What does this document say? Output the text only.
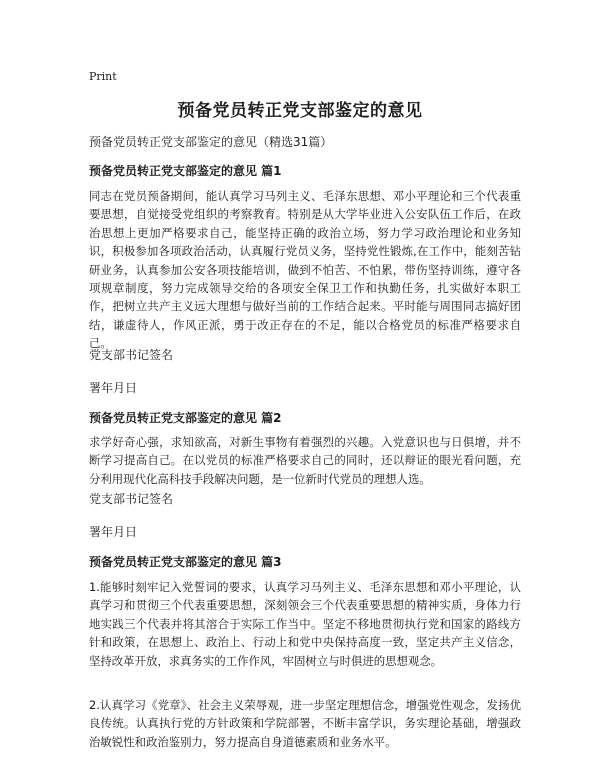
Print
预备党员转正党支部鉴定的意见
预备党员转正党支部鉴定的意见（精选31篇）
预备党员转正党支部鉴定的意见 篇1
同志在党员预备期间，能认真学习马列主义、毛泽东思想、邓小平理论和三个代表重要思想，自觉接受党组织的考察教育。特别是从大学毕业进入公安队伍工作后，在政治思想上更加严格要求自己，能坚持正确的政治立场，努力学习政治理论和业务知识，积极参加各项政治活动，认真履行党员义务，坚持党性锻炼,在工作中，能刻苦钻研业务，认真参加公安各项技能培训，做到不怕苦、不怕累，带伤坚持训练，遵守各项规章制度，努力完成领导交给的各项安全保卫工作和执勤任务，扎实做好本职工作，把树立共产主义远大理想与做好当前的工作结合起来。平时能与周围同志搞好团结，谦虚待人，作风正派，勇于改正存在的不足，能以合格党员的标准严格要求自己。
党支部书记签名
署年月日
预备党员转正党支部鉴定的意见 篇2
求学好奇心强，求知欲高，对新生事物有着强烈的兴趣。入党意识也与日俱增，并不断学习提高自己。在以党员的标准严格要求自己的同时，还以辩证的眼光看问题，充分利用现代化高科技手段解决问题，是一位新时代党员的理想人选。
党支部书记签名
署年月日
预备党员转正党支部鉴定的意见 篇3
1.能够时刻牢记入党誓词的要求，认真学习马列主义、毛泽东思想和邓小平理论，认真学习和贯彻三个代表重要思想，深刻领会三个代表重要思想的精神实质，身体力行地实践三个代表并将其溶合于实际工作当中。坚定不移地贯彻执行党和国家的路线方针和政策，在思想上、政治上、行动上和党中央保持高度一致，坚定共产主义信念，坚持改革开放，求真务实的工作作风，牢固树立与时俱进的思想观念。
2.认真学习《党章》、社会主义荣辱观，进一步坚定理想信念，增强党性观念，发扬优良传统。认真执行党的方针政策和学院部署，不断丰富学识，务实理论基础，增强政治敏锐性和政治鉴别力，努力提高自身道德素质和业务水平。
